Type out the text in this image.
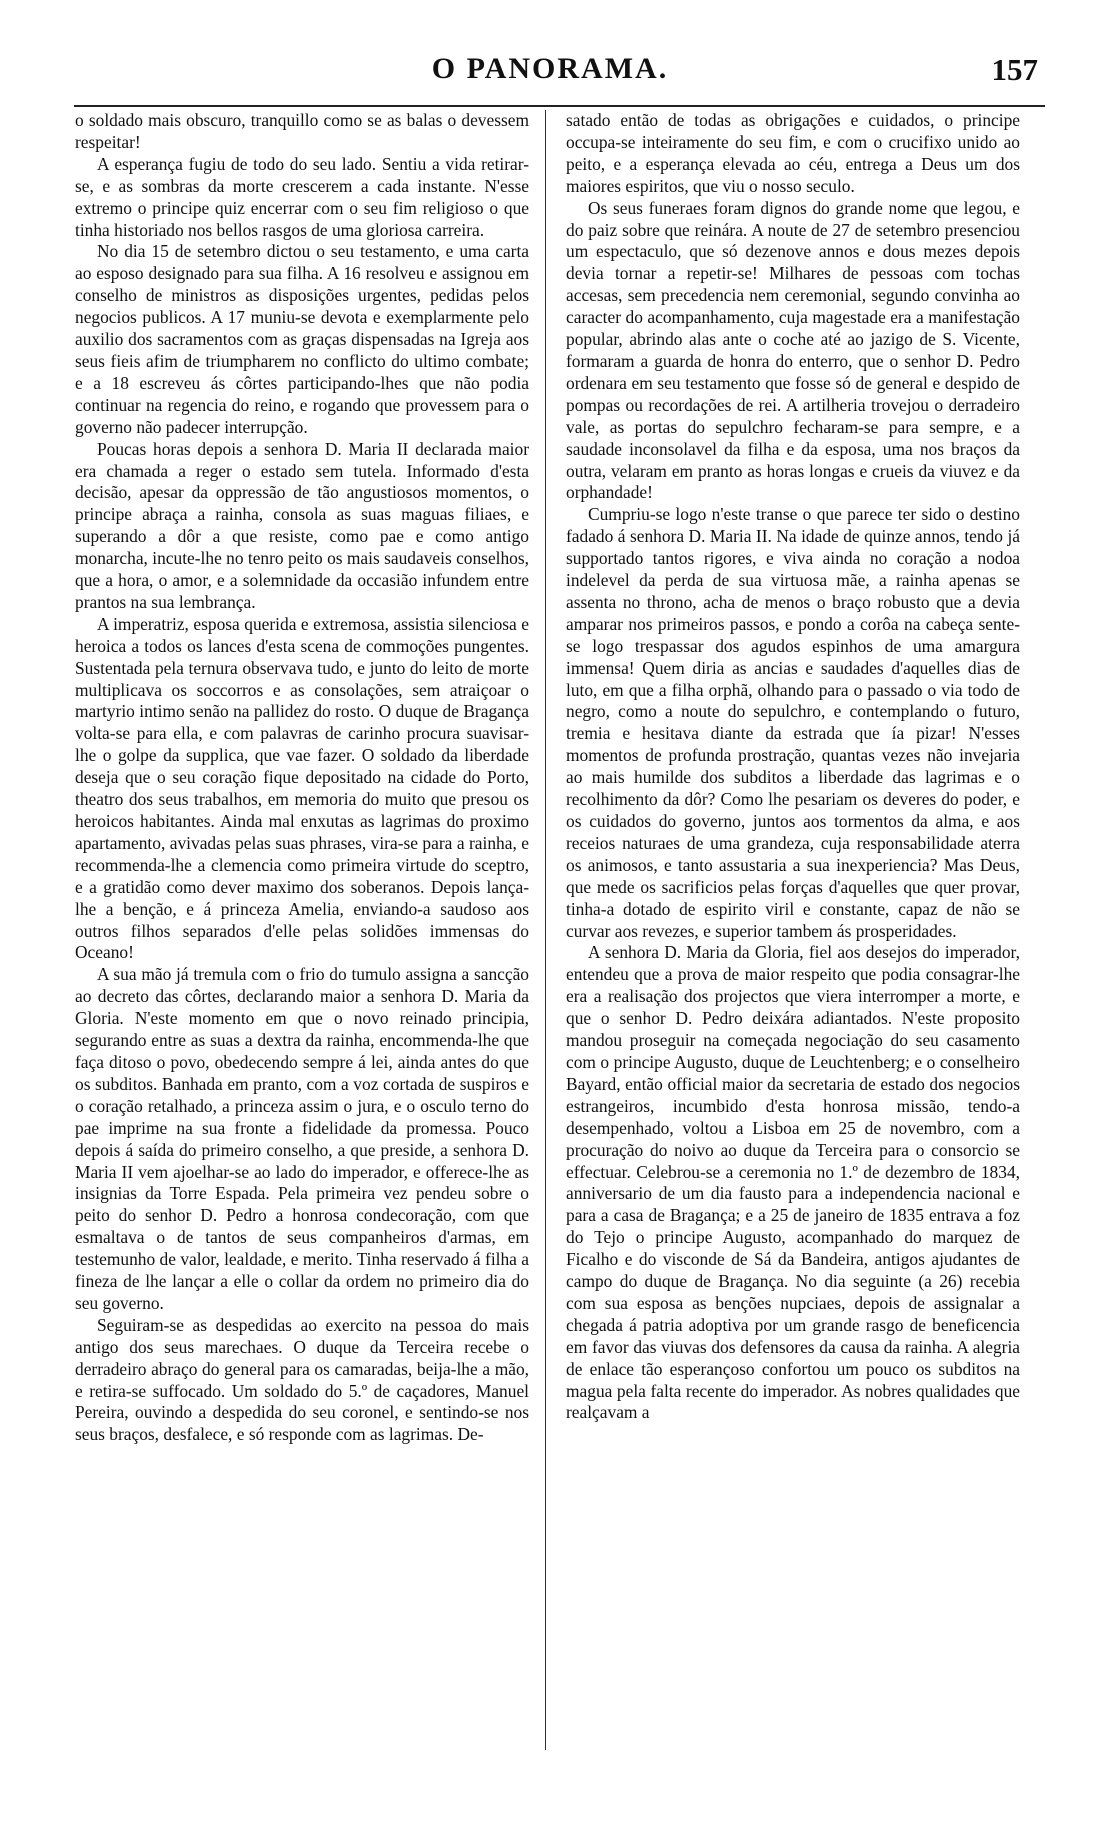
O PANORAMA.	157

o soldado mais obscuro, tranquillo como se as balas o devessem respeitar!

A esperança fugiu de todo do seu lado. Sentiu a vida retirar-se, e as sombras da morte crescerem a cada instante. N'esse extremo o principe quiz encerrar com o seu fim religioso o que tinha historiado nos bellos rasgos de uma gloriosa carreira.

No dia 15 de setembro dictou o seu testamento, e uma carta ao esposo designado para sua filha. A 16 resolveu e assignou em conselho de ministros as disposições urgentes, pedidas pelos negocios publicos. A 17 muniu-se devota e exemplarmente pelo auxilio dos sacramentos com as graças dispensadas na Igreja aos seus fieis afim de triumpharem no conflicto do ultimo combate; e a 18 escreveu ás côrtes participando-lhes que não podia continuar na regencia do reino, e rogando que provessem para o governo não padecer interrupção.

Poucas horas depois a senhora D. Maria II declarada maior era chamada a reger o estado sem tutela. Informado d'esta decisão, apesar da oppressão de tão angustiosos momentos, o principe abraça a rainha, consola as suas maguas filiaes, e superando a dôr a que resiste, como pae e como antigo monarcha, incute-lhe no tenro peito os mais saudaveis conselhos, que a hora, o amor, e a solemnidade da occasião infundem entre prantos na sua lembrança.

A imperatriz, esposa querida e extremosa, assistia silenciosa e heroica a todos os lances d'esta scena de commoções pungentes. Sustentada pela ternura observava tudo, e junto do leito de morte multiplicava os soccorros e as consolações, sem atraiçoar o martyrio intimo senão na pallidez do rosto. O duque de Bragança volta-se para ella, e com palavras de carinho procura suavisar-lhe o golpe da supplica, que vae fazer. O soldado da liberdade deseja que o seu coração fique depositado na cidade do Porto, theatro dos seus trabalhos, em memoria do muito que presou os heroicos habitantes. Ainda mal enxutas as lagrimas do proximo apartamento, avivadas pelas suas phrases, vira-se para a rainha, e recommenda-lhe a clemencia como primeira virtude do sceptro, e a gratidão como dever maximo dos soberanos. Depois lança-lhe a benção, e á princeza Amelia, enviando-a saudoso aos outros filhos separados d'elle pelas solidões immensas do Oceano!

A sua mão já tremula com o frio do tumulo assigna a sancção ao decreto das côrtes, declarando maior a senhora D. Maria da Gloria. N'este momento em que o novo reinado principia, segurando entre as suas a dextra da rainha, encommenda-lhe que faça ditoso o povo, obedecendo sempre á lei, ainda antes do que os subditos. Banhada em pranto, com a voz cortada de suspiros e o coração retalhado, a princeza assim o jura, e o osculo terno do pae imprime na sua fronte a fidelidade da promessa. Pouco depois á saída do primeiro conselho, a que preside, a senhora D. Maria II vem ajoelhar-se ao lado do imperador, e offerece-lhe as insignias da Torre Espada. Pela primeira vez pendeu sobre o peito do senhor D. Pedro a honrosa condecoração, com que esmaltava o de tantos de seus companheiros d'armas, em testemunho de valor, lealdade, e merito. Tinha reservado á filha a fineza de lhe lançar a elle o collar da ordem no primeiro dia do seu governo.

Seguiram-se as despedidas ao exercito na pessoa do mais antigo dos seus marechaes. O duque da Terceira recebe o derradeiro abraço do general para os camaradas, beija-lhe a mão, e retira-se suffocado. Um soldado do 5.º de caçadores, Manuel Pereira, ouvindo a despedida do seu coronel, e sentindo-se nos seus braços, desfalece, e só responde com as lagrimas. De-

satado então de todas as obrigações e cuidados, o principe occupa-se inteiramente do seu fim, e com o crucifixo unido ao peito, e a esperança elevada ao céu, entrega a Deus um dos maiores espiritos, que viu o nosso seculo.

Os seus funeraes foram dignos do grande nome que legou, e do paiz sobre que reinára. A noute de 27 de setembro presenciou um espectaculo, que só dezenove annos e dous mezes depois devia tornar a repetir-se! Milhares de pessoas com tochas accesas, sem precedencia nem ceremonial, segundo convinha ao caracter do acompanhamento, cuja magestade era a manifestação popular, abrindo alas ante o coche até ao jazigo de S. Vicente, formaram a guarda de honra do enterro, que o senhor D. Pedro ordenara em seu testamento que fosse só de general e despido de pompas ou recordações de rei. A artilheria trovejou o derradeiro vale, as portas do sepulchro fecharam-se para sempre, e a saudade inconsolavel da filha e da esposa, uma nos braços da outra, velaram em pranto as horas longas e crueis da viuvez e da orphandade!

Cumpriu-se logo n'este transe o que parece ter sido o destino fadado á senhora D. Maria II. Na idade de quinze annos, tendo já supportado tantos rigores, e viva ainda no coração a nodoa indelevel da perda de sua virtuosa mãe, a rainha apenas se assenta no throno, acha de menos o braço robusto que a devia amparar nos primeiros passos, e pondo a corôa na cabeça sente-se logo trespassar dos agudos espinhos de uma amargura immensa! Quem diria as ancias e saudades d'aquelles dias de luto, em que a filha orphã, olhando para o passado o via todo de negro, como a noute do sepulchro, e contemplando o futuro, tremia e hesitava diante da estrada que ía pizar! N'esses momentos de profunda prostração, quantas vezes não invejaria ao mais humilde dos subditos a liberdade das lagrimas e o recolhimento da dôr? Como lhe pesariam os deveres do poder, e os cuidados do governo, juntos aos tormentos da alma, e aos receios naturaes de uma grandeza, cuja responsabilidade aterra os animosos, e tanto assustaria a sua inexperiencia? Mas Deus, que mede os sacrificios pelas forças d'aquelles que quer provar, tinha-a dotado de espirito viril e constante, capaz de não se curvar aos revezes, e superior tambem ás prosperidades.

A senhora D. Maria da Gloria, fiel aos desejos do imperador, entendeu que a prova de maior respeito que podia consagrar-lhe era a realisação dos projectos que viera interromper a morte, e que o senhor D. Pedro deixára adiantados. N'este proposito mandou proseguir na começada negociação do seu casamento com o principe Augusto, duque de Leuchtenberg; e o conselheiro Bayard, então official maior da secretaria de estado dos negocios estrangeiros, incumbido d'esta honrosa missão, tendo-a desempenhado, voltou a Lisboa em 25 de novembro, com a procuração do noivo ao duque da Terceira para o consorcio se effectuar. Celebrou-se a ceremonia no 1.º de dezembro de 1834, anniversario de um dia fausto para a independencia nacional e para a casa de Bragança; e a 25 de janeiro de 1835 entrava a foz do Tejo o principe Augusto, acompanhado do marquez de Ficalho e do visconde de Sá da Bandeira, antigos ajudantes de campo do duque de Bragança. No dia seguinte (a 26) recebia com sua esposa as benções nupciaes, depois de assignalar a chegada á patria adoptiva por um grande rasgo de beneficencia em favor das viuvas dos defensores da causa da rainha. A alegria de enlace tão esperançoso confortou um pouco os subditos na magua pela falta recente do imperador. As nobres qualidades que realçavam a
